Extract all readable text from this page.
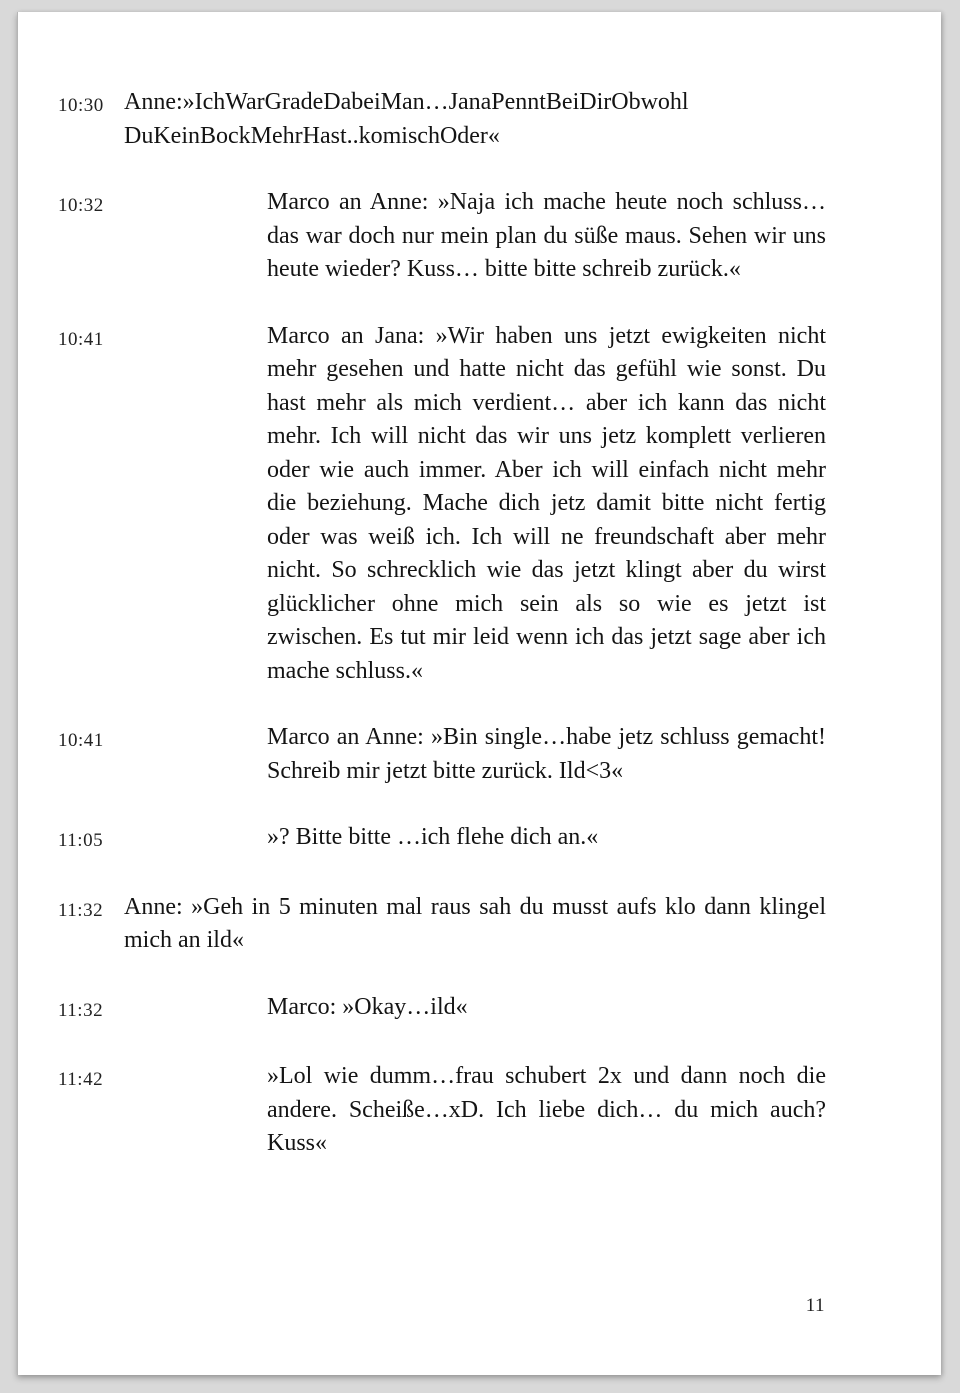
10:30 Anne:»IchWarGradeDabeiMan…JanaPenntBeiDirObwohl DuKeinBockMehrHast..komischOder«
10:32	Marco an Anne: »Naja ich mache heute noch schluss…das war doch nur mein plan du süße maus. Sehen wir uns heute wieder? Kuss… bitte bitte schreib zurück.«
10:41	Marco an Jana: »Wir haben uns jetzt ewigkeiten nicht mehr gesehen und hatte nicht das gefühl wie sonst. Du hast mehr als mich verdient… aber ich kann das nicht mehr. Ich will nicht das wir uns jetz komplett verlieren oder wie auch immer. Aber ich will einfach nicht mehr die beziehung. Mache dich jetz damit bitte nicht fertig oder was weiß ich. Ich will ne freundschaft aber mehr nicht. So schrecklich wie das jetzt klingt aber du wirst glücklicher ohne mich sein als so wie es jetzt ist zwischen. Es tut mir leid wenn ich das jetzt sage aber ich mache schluss.«
10:41	Marco an Anne: »Bin single…habe jetz schluss gemacht! Schreib mir jetzt bitte zurück. Ild<3«
11:05	»? Bitte bitte …ich flehe dich an.«
11:32 Anne: »Geh in 5 minuten mal raus sah du musst aufs klo dann klingel mich an ild«
11:32	Marco: »Okay…ild«
11:42	»Lol wie dumm…frau schubert 2x und dann noch die andere. Scheiße…xD. Ich liebe dich… du mich auch? Kuss«
11
